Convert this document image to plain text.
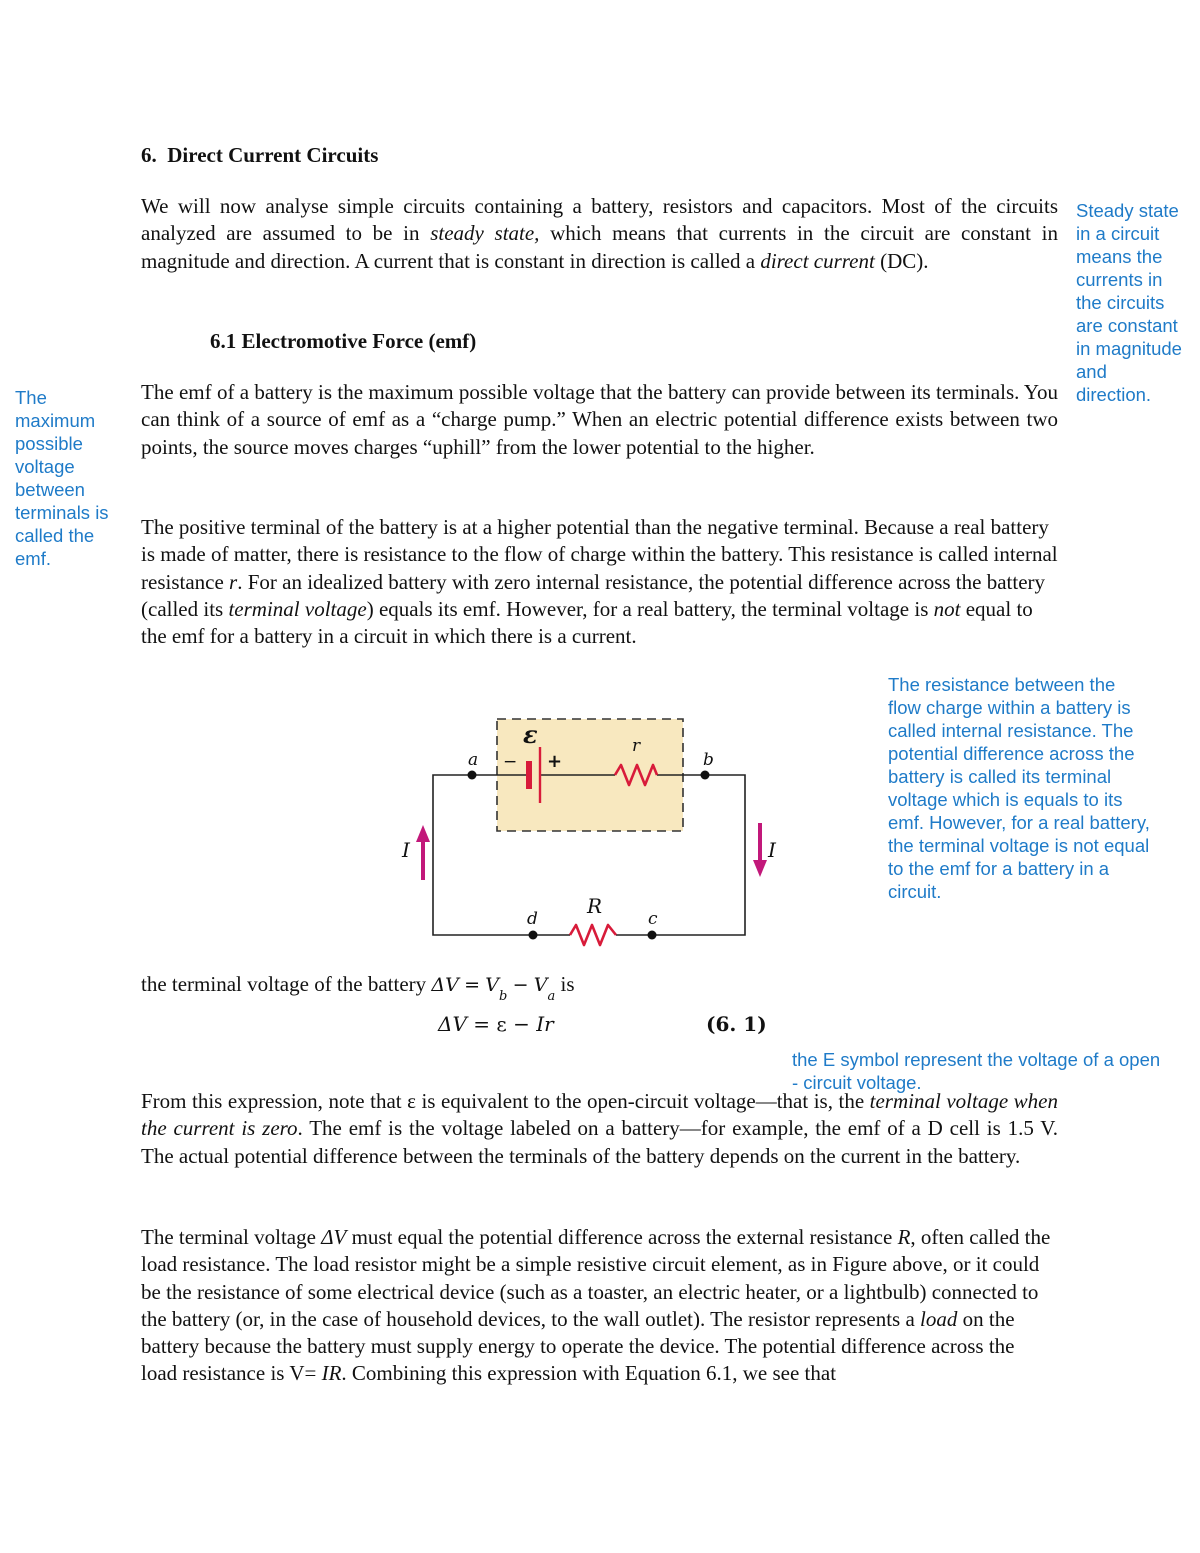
6. Direct Current Circuits
We will now analyse simple circuits containing a battery, resistors and capacitors. Most of the circuits analyzed are assumed to be in steady state, which means that currents in the circuit are constant in magnitude and direction. A current that is constant in direction is called a direct current (DC).
6.1 Electromotive Force (emf)
The emf of a battery is the maximum possible voltage that the battery can provide between its terminals. You can think of a source of emf as a “charge pump.” When an electric potential difference exists between two points, the source moves charges “uphill” from the lower potential to the higher.
The positive terminal of the battery is at a higher potential than the negative terminal. Because a real battery is made of matter, there is resistance to the flow of charge within the battery. This resistance is called internal resistance r. For an idealized battery with zero internal resistance, the potential difference across the battery (called its terminal voltage) equals its emf. However, for a real battery, the terminal voltage is not equal to the emf for a battery in a circuit in which there is a current.
ε
− +
r
a	b
c
d
R
I	I
the terminal voltage of the battery $\Delta V = V_b - V_a$ is
ΔV = ε − Ir	(6. 1)
From this expression, note that ε is equivalent to the open-circuit voltage—that is, the terminal voltage when the current is zero. The emf is the voltage labeled on a battery—for example, the emf of a D cell is 1.5 V. The actual potential difference between the terminals of the battery depends on the current in the battery.
The terminal voltage ΔV must equal the potential difference across the external resistance R, often called the load resistance. The load resistor might be a simple resistive circuit element, as in Figure above, or it could be the resistance of some electrical device (such as a toaster, an electric heater, or a lightbulb) connected to the battery (or, in the case of household devices, to the wall outlet). The resistor represents a load on the battery because the battery must supply energy to operate the device. The potential difference across the load resistance is V= IR. Combining this expression with Equation 6.1, we see that
Steady state in a circuit means the currents in the circuits are constant in magnitude and direction.
The maximum possible voltage between terminals is called the emf.
The resistance between the flow charge within a battery is called internal resistance. The potential difference across the battery is called its terminal voltage which is equals to its emf. However, for a real battery, the terminal voltage is not equal to the emf for a battery in a circuit.
the E symbol represent the voltage of a open - circuit voltage.
